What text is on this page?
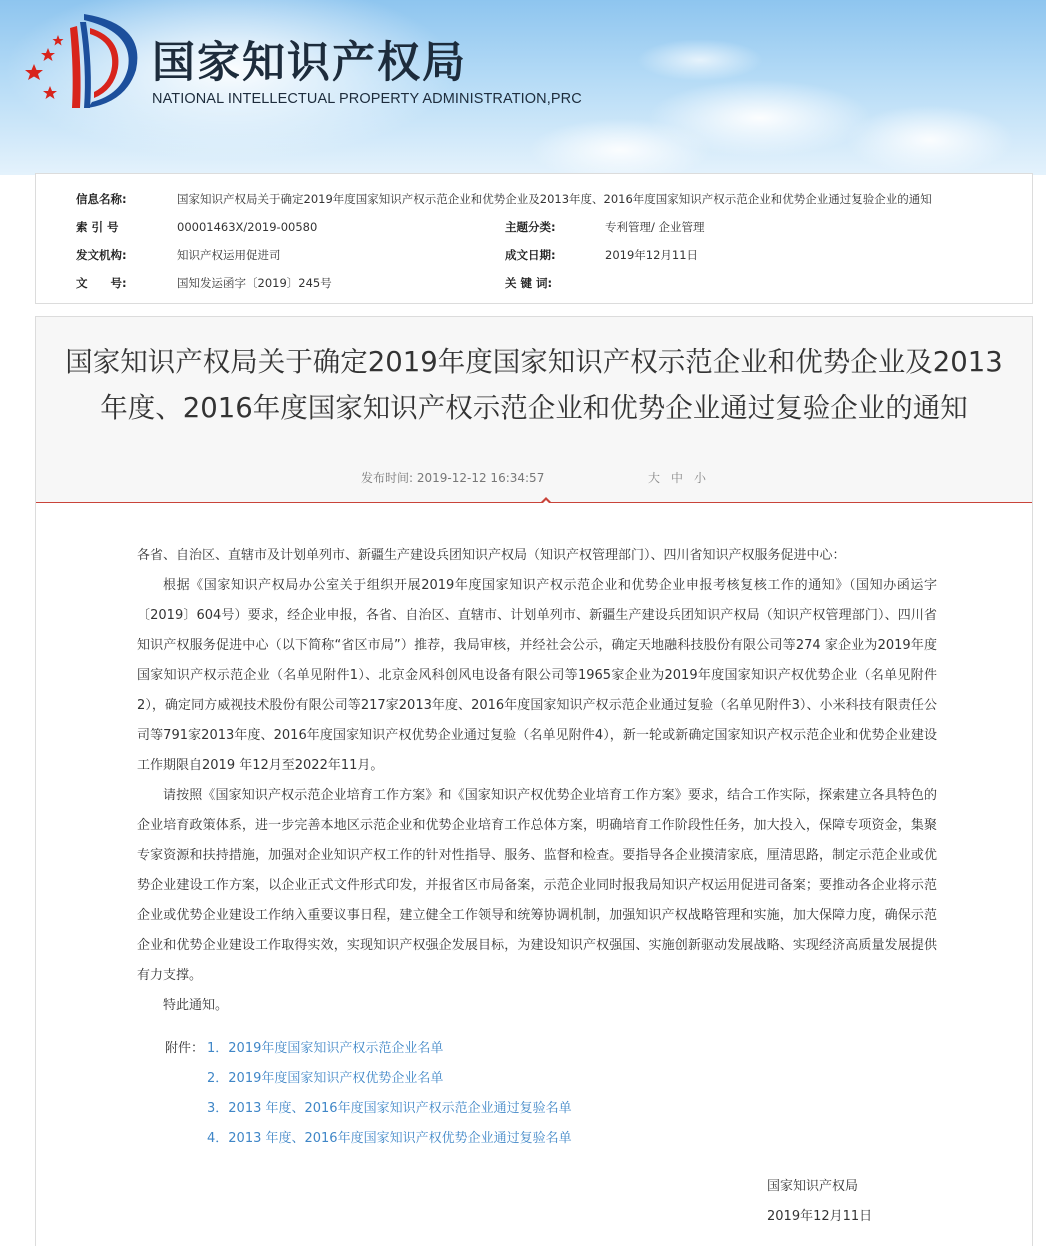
国家知识产权局
NATIONAL INTELLECTUAL PROPERTY ADMINISTRATION,PRC
信息名称:	国家知识产权局关于确定2019年度国家知识产权示范企业和优势企业及2013年度、2016年度国家知识产权示范企业和优势企业通过复验企业的通知
索 引 号	00001463X/2019-00580	主题分类:	专利管理/ 企业管理
发文机构:	知识产权运用促进司	成文日期:	2019年12月11日
文　　号:	国知发运函字〔2019〕245号	关 键 词:
国家知识产权局关于确定2019年度国家知识产权示范企业和优势企业及2013年度、2016年度国家知识产权示范企业和优势企业通过复验企业的通知
发布时间: 2019-12-12 16:34:57	大 中 小

各省、自治区、直辖市及计划单列市、新疆生产建设兵团知识产权局（知识产权管理部门）、四川省知识产权服务促进中心：

根据《国家知识产权局办公室关于组织开展2019年度国家知识产权示范企业和优势企业申报考核复核工作的通知》（国知办函运字〔2019〕604号）要求，经企业申报，各省、自治区、直辖市、计划单列市、新疆生产建设兵团知识产权局（知识产权管理部门）、四川省知识产权服务促进中心（以下简称“省区市局”）推荐，我局审核，并经社会公示，确定天地融科技股份有限公司等274 家企业为2019年度国家知识产权示范企业（名单见附件1）、北京金风科创风电设备有限公司等1965家企业为2019年度国家知识产权优势企业（名单见附件2），确定同方威视技术股份有限公司等217家2013年度、2016年度国家知识产权示范企业通过复验（名单见附件3）、小米科技有限责任公司等791家2013年度、2016年度国家知识产权优势企业通过复验（名单见附件4），新一轮或新确定国家知识产权示范企业和优势企业建设工作期限自2019 年12月至2022年11月。

请按照《国家知识产权示范企业培育工作方案》和《国家知识产权优势企业培育工作方案》要求，结合工作实际，探索建立各具特色的企业培育政策体系，进一步完善本地区示范企业和优势企业培育工作总体方案，明确培育工作阶段性任务，加大投入，保障专项资金，集聚专家资源和扶持措施，加强对企业知识产权工作的针对性指导、服务、监督和检查。要指导各企业摸清家底，厘清思路，制定示范企业或优势企业建设工作方案，以企业正式文件形式印发，并报省区市局备案，示范企业同时报我局知识产权运用促进司备案；要推动各企业将示范企业或优势企业建设工作纳入重要议事日程，建立健全工作领导和统筹协调机制，加强知识产权战略管理和实施，加大保障力度，确保示范企业和优势企业建设工作取得实效，实现知识产权强企发展目标，为建设知识产权强国、实施创新驱动发展战略、实现经济高质量发展提供有力支撑。

特此通知。

附件： 1．2019年度国家知识产权示范企业名单
2．2019年度国家知识产权优势企业名单
3．2013 年度、2016年度国家知识产权示范企业通过复验名单
4．2013 年度、2016年度国家知识产权优势企业通过复验名单
国家知识产权局
2019年12月11日
